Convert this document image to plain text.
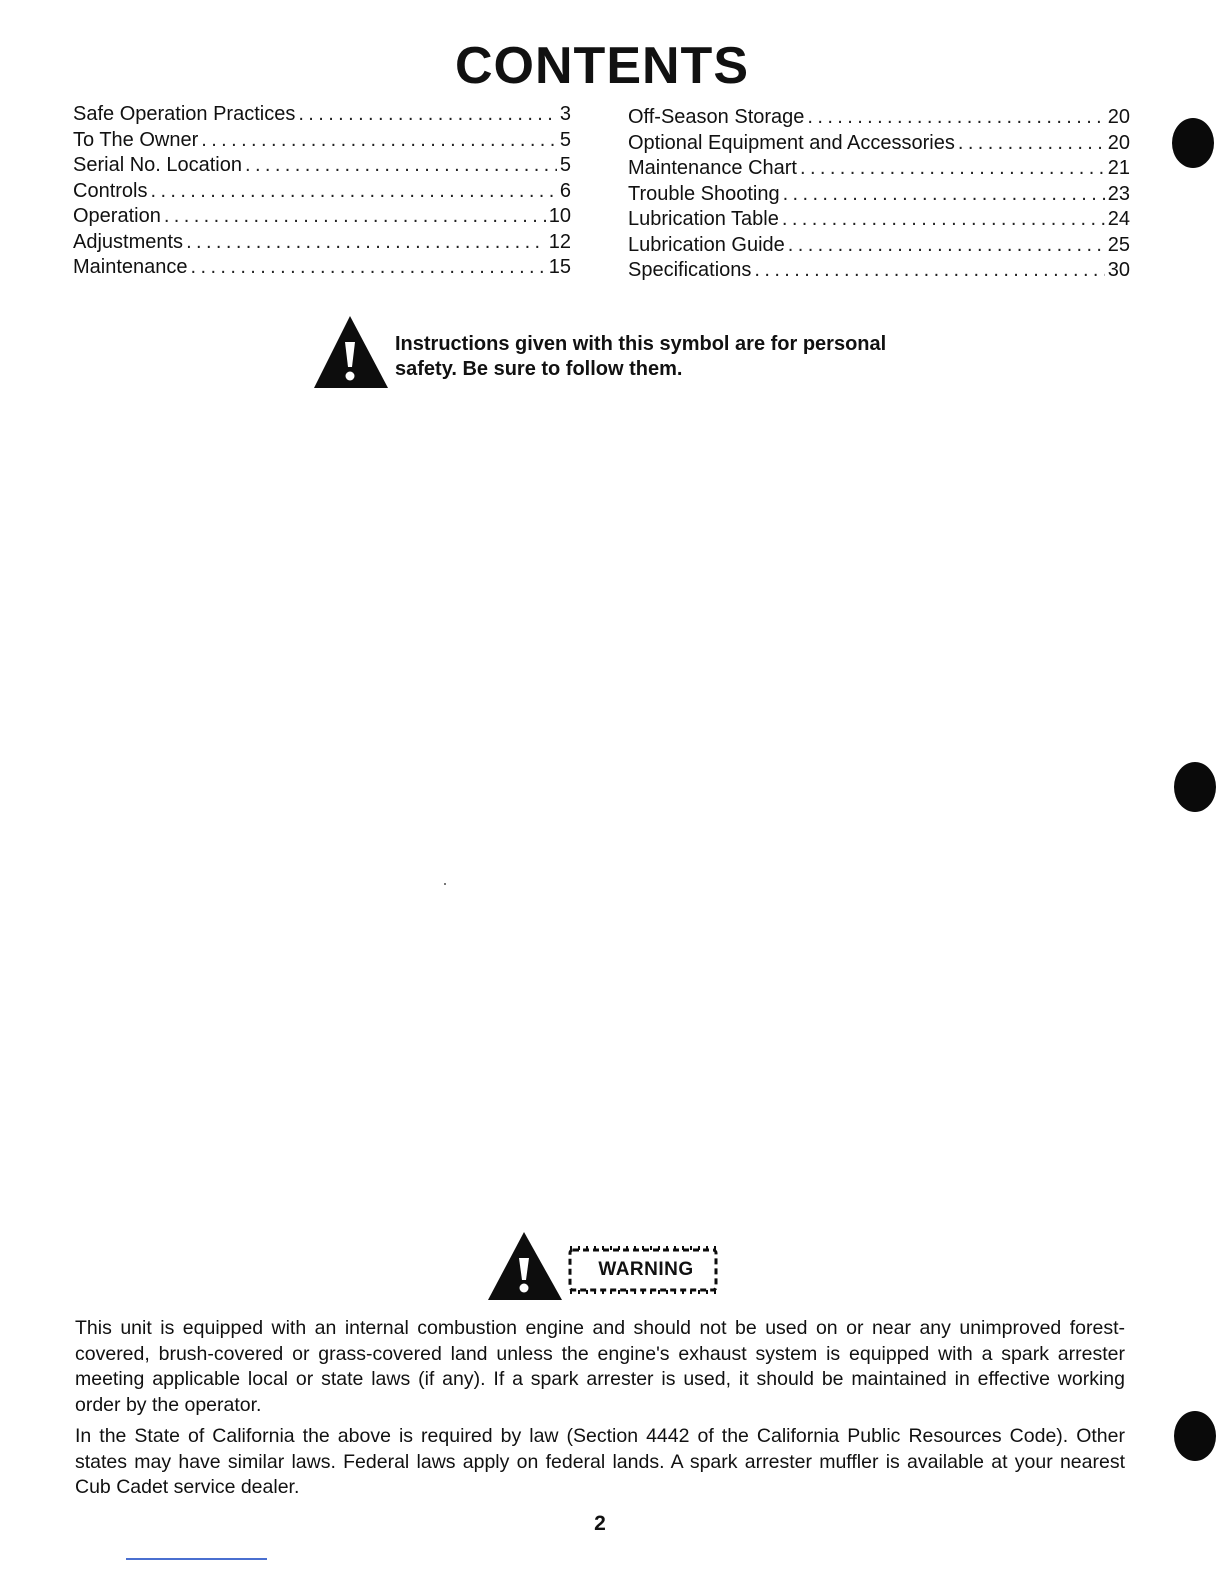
CONTENTS
Safe Operation Practices .....	3
To The Owner .....	5
Serial No. Location .....	5
Controls .....	6
Operation .....	10
Adjustments .....	12
Maintenance .....	15
Off-Season Storage .....	20
Optional Equipment and Accessories .....	20
Maintenance Chart .....	21
Trouble Shooting .....	23
Lubrication Table .....	24
Lubrication Guide .....	25
Specifications .....	30
Instructions given with this symbol are for personal
safety. Be sure to follow them.
WARNING

This unit is equipped with an internal combustion engine and should not be used on or near any unimproved forest-covered, brush-covered or grass-covered land unless the engine's exhaust system is equipped with a spark arrester meeting applicable local or state laws (if any). If a spark arrester is used, it should be maintained in effective working order by the operator.

In the State of California the above is required by law (Section 4442 of the California Public Resources Code). Other states may have similar laws. Federal laws apply on federal lands. A spark arrester muffler is available at your nearest Cub Cadet service dealer.

2
